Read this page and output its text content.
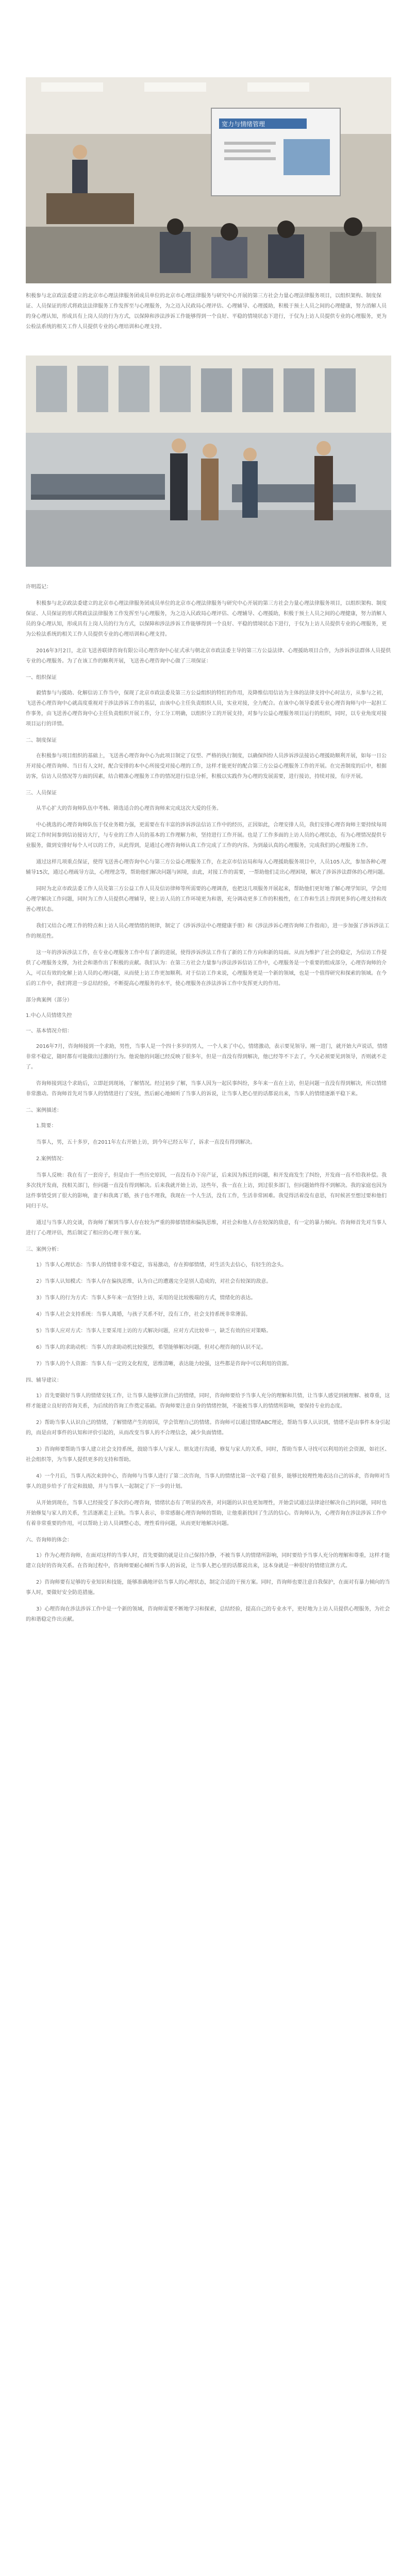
宽力与情绪管理

积极参与北京政法委建立的北京市心理法律服务团成员单位的北京市心理法律服务与研究中心开展的第三方社会力量心理法律服务项目，以组织架构、制度保证、人员保证的形式将政法法律服务工作发挥至与心理服务，为之迈入民政局心理评估、心理辅导、心理援助，积极于预土人员之间的心理健康，努力消解人员的身心理认知，形成具有上岗人员的行为方式，以保障和涉法涉诉工作能够得到一个良好、平稳的情境状态下进行，于仅为上访人员提供专业的心理服务，更为公检法系统的相关工作人员提供专业的心理培训和心理支持。

许明霞记：

积极参与北京政法委建立的北京市心理法律服务团成员单位的北京市心理法律服务与研究中心开展的第三方社会力量心理法律服务项目，以组织架构、制度保证、人员保证的形式将政法法律服务工作发挥至与心理服务，为之迈入民政局心理评估、心理辅导、心理援助，积极于预土人员之间的心理健康，努力消解人员的身心理认知，形成具有上岗人员的行为方式，以保障和涉法涉诉工作能够得到一个良好、平稳的情境状态下进行，于仅为上访人员提供专业的心理服务，更为公检法系统的相关工作人员提供专业的心理培训和心理支持。

2016年3月2日，北京飞送善联律咨询有限公司心理咨询中心征式承与朝北京市政法委主导的第三方公益法律、心理援助项目合作，为涉诉涉法群体人员提供专业的心理服务。为了在该工作的顺利开展，飞送善心理咨询中心做了三项保证：

一、组织保证

毅情参与与援助、化解信访工作当中，保现了北京市政法委及第三方公益组织的特红的作用，及降维信用信访为主体的法律支持中心时法方，从参与之初，飞送善心理咨询中心就高度重视对于涉法涉诉工作的基层，由该中心主任负责组织人员，实业对接，全力配合。在该中心领导委派专业心理咨询师与中一起担工作事务，由飞送善心理咨询中心主任负责组织开展工作，分工分工明确，以组织分工的开展支持，对参与公益心理服务项目运行的组织，同时，以专业角度对接项目运行的详情。

二、制度保证

在积极参与项目组织的基础上，飞送善心理咨询中心为此项目制定了仪型、严格的执行制度，以确保纠纷人员涉诉涉法接访心理援助顺利开展，如每一日公开对接心理咨询师、当日有人文时，配合安排的本中心所接受对接心理的工作，这样才能更好的配合第三方公益心理服务工作的开展。在完善制度的后中，根据访客，信访人员情况等方面的因素，结合精准心理服务工作的情况进行信息分析，积极以实践作为心理的发展需要，进行接访，持续对接，有序开展。

三、人员保证

从半心扩大的咨询师队伍中考核、筛选适合的心理咨询师来完成这次大爱的任务。

中心挑选的心理咨询师队伍于仅业务精力强，更需要在有丰富的涉诉涉法信访工作中的经历，正因如此，合理安排人员，我们安排心理咨询师主要持续每周固定工作时间参到信访接访大厅，与专业的工作人员的基本的工作理解力和，坚持进行工作开展。也是了工作多面的上访人员的心理状态，有为心理情况提供专业服务，做到安排好每个人可以的工作，从此得到，是通过心理咨询师认真工作完成了工作的内容。为到最认真的心理服务，完成我们的心理服务工作。

通过这样几项重点保证，使得飞送善心理咨询中心与第三方公益心理服务工作，在北京市信访局和每人心理援助服务项目中，人员105人次，参加各种心理辅导15次，通过心理疏导方法，心理理念等，帮助他们解决问题与困境，由此，对接工作的需要，一帮助他们走出心理困境，解决了涉诉涉法群体的心理问题。

同时为北京市政法委工作人员及第三方公益工作人员及信访律师等所需要的心理调查，也把这几项服务开展起来，帮助他们更好地了解心理学知识，学会用心理学解决工作问题，同时为工作人员提供心理辅导，使上访人员的工作环境更为和谐，充分调动更多工作的积极性，在工作和生活上得到更多的心理支持和改善心理状态。

我们又结合心理工作的特点和上访人员心理情绪的规律，制定了《涉诉涉法中心理健康手册》和《涉法涉诉心理咨询师工作指南》，进一步加强了涉诉涉法工作的规范性。

这一年的涉诉涉法工作，在专业心理服务工作中有了新的进展，使得涉诉涉法工作有了新的工作方向和新的局面。从而为维护了社会的稳定，为信访工作提供了心理服务支撑，为社会和谐作出了积极的贡献。我们认为：在第三方社会力量参与涉法涉诉信访工作中，心理服务是一个重要的组成部分，心理咨询师的介入，可以有效的化解上访人员的心理问题，从而使上访工作更加顺利。对于信访工作来说，心理服务更是一个新的领域，也是一个值得研究和探索的领域。在今后的工作中，我们将进一步总结经验，不断提高心理服务的水平，使心理服务在涉法涉诉工作中发挥更大的作用。

部分典案例（部分）

1.中心人员情绪失控

一、基本情况介绍：

2016年7月，咨询师接到一个求助，男性，当事人是一个四十多岁的男人，一个人来了中心，情绪激动，表示要见领导。刚一进门，就开始大声说话，情绪非常不稳定，随时都有可能做出过激的行为。他说他的问题已经反映了很多年，但是一直没有得到解决，他已经等不下去了，今天必须要见到领导，否则就不走了。

咨询师接到这个求助后，立即赶到现场，了解情况。经过初步了解，当事人因为一起民事纠纷，多年来一直在上访，但是问题一直没有得到解决，所以情绪非常激动。咨询师首先对当事人的情绪进行了安抚，然后耐心地倾听了当事人的诉说，让当事人把心里的话都说出来，当事人的情绪逐渐平稳下来。

二、案例描述：

1.简要：

当事人，男，五十多岁，在2011年左右开始上访，到今年已经五年了，诉求一直没有得到解决。

2.案例情况：

当事人反映：我在有了一套房子，但是由于一些历史原因，一直没有办下房产证，后来因为拆迁的问题，和开发商发生了纠纷，开发商一直不给我补偿。我多次找开发商，找相关部门，但问题一直没有得到解决。后来我就开始上访，这些年，我一直在上访，到过很多部门，但问题始终得不到解决。我的家庭也因为这件事情受到了很大的影响，妻子和我离了婚，孩子也不理我，我现在一个人生活，没有工作，生活非常困难。我觉得活着没有意思，有时候甚至想过要和他们同归于尽。

通过与当事人的交谈，咨询师了解到当事人存在较为严重的抑郁情绪和偏执思维，对社会和他人存在较深的敌意，有一定的暴力倾向。咨询师首先对当事人进行了心理评估，然后制定了相应的心理干预方案。

三、案例分析：

1）当事人心理状态：当事人的情绪非常不稳定，容易激动，存在抑郁情绪，对生活失去信心，有轻生的念头。

2）当事人认知模式：当事人存在偏执思维，认为自己的遭遇完全是别人造成的，对社会有较深的敌意。

3）当事人的行为方式：当事人多年来一直坚持上访，采用的是比较极端的方式，情绪化的表达。

4）当事人社会支持系统：当事人离婚，与孩子关系不好，没有工作，社会支持系统非常薄弱。

5）当事人应对方式：当事人主要采用上访的方式解决问题，应对方式比较单一，缺乏有效的应对策略。

6）当事人的求助动机：当事人的求助动机比较强烈，希望能够解决问题，但对心理咨询的认识不足。

7）当事人的个人资源：当事人有一定的文化程度，思维清晰，表达能力较强，这些都是咨询中可以利用的资源。

四、辅导建议：

1）首先要做好当事人的情绪安抚工作，让当事人能够宣泄自己的情绪，同时，咨询师要给予当事人充分的理解和共情，让当事人感觉到被理解、被尊重，这样才能建立良好的咨询关系，为后续的咨询工作奠定基础。咨询师要注意自身的情绪控制，不能被当事人的情绪所影响，要保持专业的态度。

2）帮助当事人认识自己的情绪，了解情绪产生的原因，学会管理自己的情绪。咨询师可以通过情绪ABC理论，帮助当事人认识到，情绪不是由事件本身引起的，而是由对事件的认知和评价引起的，从而改变当事人的不合理信念，减少负面情绪。

3）咨询师要帮助当事人建立社会支持系统，鼓励当事人与家人、朋友进行沟通，修复与家人的关系，同时，帮助当事人寻找可以利用的社会资源，如社区、社会组织等，为当事人提供更多的支持和帮助。

4）一个月后，当事人再次来到中心，咨询师与当事人进行了第二次咨询，当事人的情绪比第一次平稳了很多，能够比较理性地表达自己的诉求，咨询师对当事人的进步给予了肯定和鼓励，并与当事人一起制定了下一步的计划。

从开始到现在，当事人已经接受了多次的心理咨询，情绪状态有了明显的改善，对问题的认识也更加理性，开始尝试通过法律途径解决自己的问题，同时也开始修复与家人的关系，生活逐渐走上正轨。当事人表示，非常感谢心理咨询师的帮助，让他重新找回了生活的信心。咨询师认为，心理咨询在涉法涉诉工作中有着非常重要的作用，可以帮助上访人员调整心态，理性看待问题，从而更好地解决问题。

六、咨询师的体会：

1）作为心理咨询师，在面对这样的当事人时，首先要做的就是让自己保持冷静，不被当事人的情绪所影响，同时要给予当事人充分的理解和尊重，这样才能建立良好的咨询关系。在咨询过程中，咨询师要耐心倾听当事人的诉说，让当事人把心里的话都说出来，这本身就是一种很好的情绪宣泄方式。

2）咨询师要有足够的专业知识和技能，能够准确地评估当事人的心理状态，制定合适的干预方案。同时，咨询师也要注意自我保护，在面对有暴力倾向的当事人时，要做好安全防范措施。

3）心理咨询在涉法涉诉工作中是一个新的领域，咨询师需要不断地学习和探索，总结经验，提高自己的专业水平，更好地为上访人员提供心理服务，为社会的和谐稳定作出贡献。
